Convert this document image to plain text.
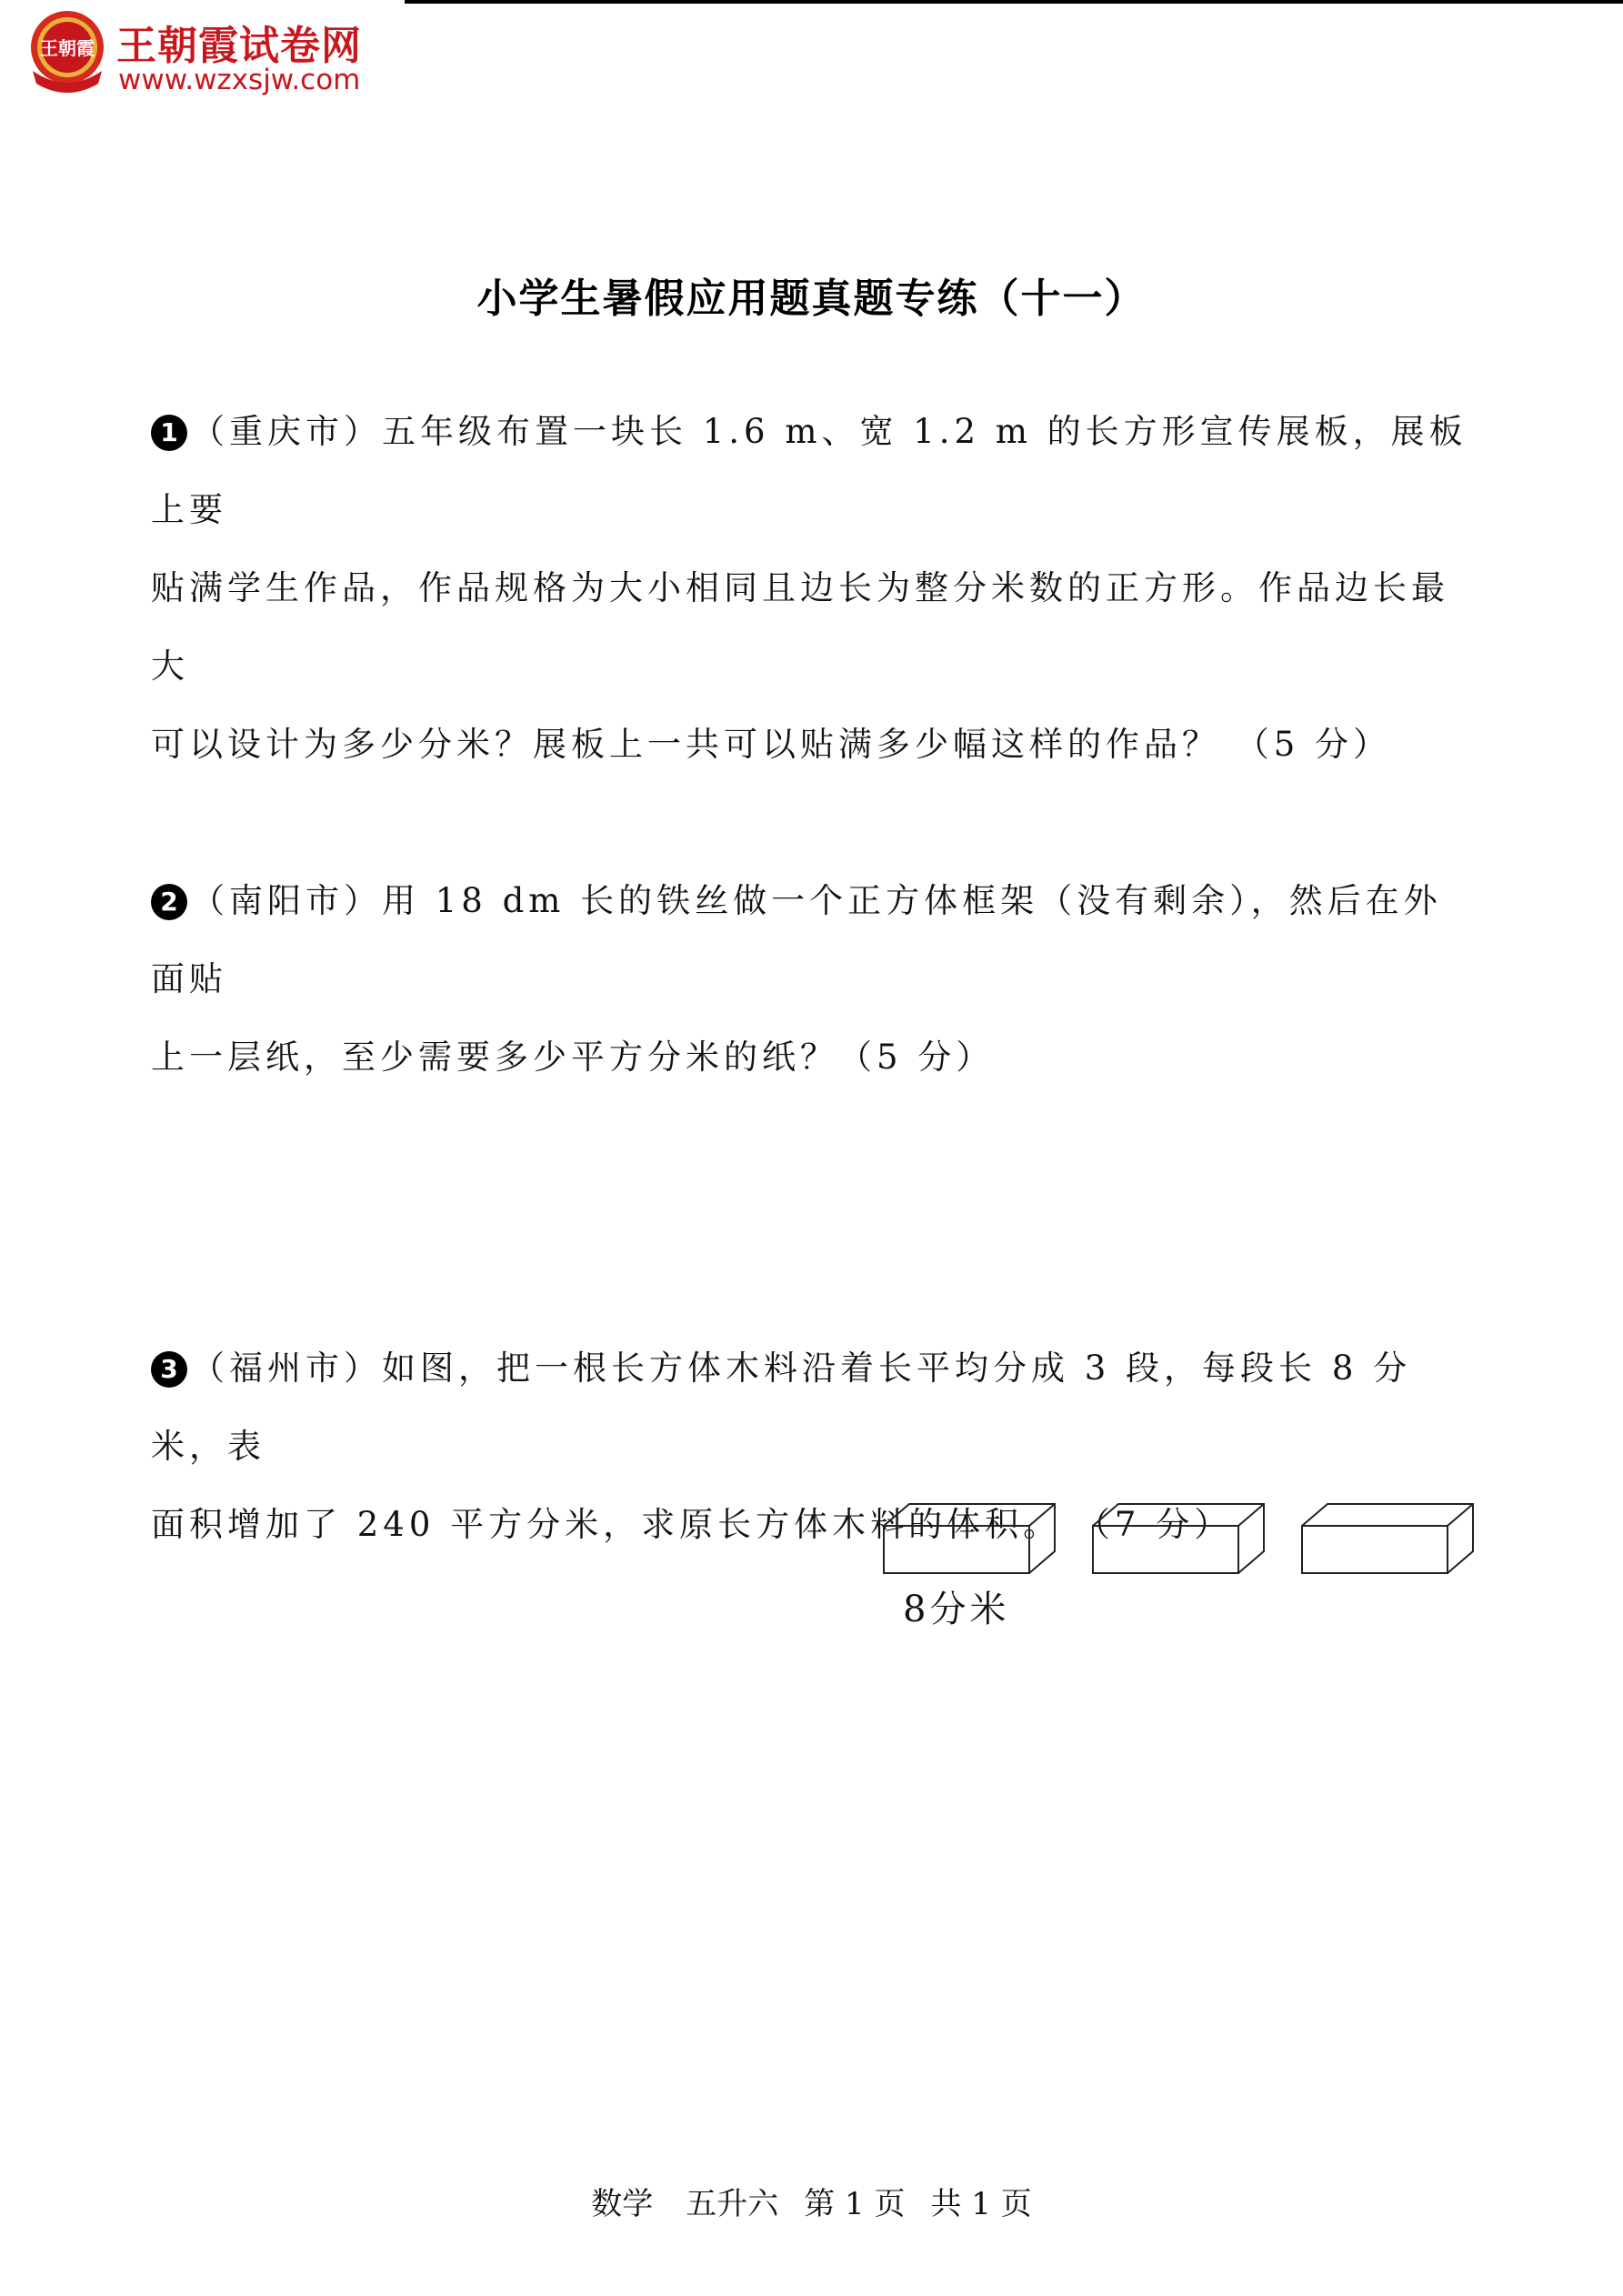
王朝霞 王朝霞试卷网
www.wzxsjw.com
小学生暑假应用题真题专练（十一）
1 （重庆市）五年级布置一块长 1.6 m、宽 1.2 m 的长方形宣传展板，展板上要
贴满学生作品，作品规格为大小相同且边长为整分米数的正方形。作品边长最大
可以设计为多少分米？展板上一共可以贴满多少幅这样的作品？ （5 分）
2 （南阳市）用 18 dm 长的铁丝做一个正方体框架（没有剩余），然后在外面贴
上一层纸，至少需要多少平方分米的纸？（5 分）
3 （福州市）如图，把一根长方体木料沿着长平均分成 3 段，每段长 8 分米，表
面积增加了 240 平方分米，求原长方体木料的体积。 （7 分）
8分米
数学 五升六 第 1 页 共 1 页
